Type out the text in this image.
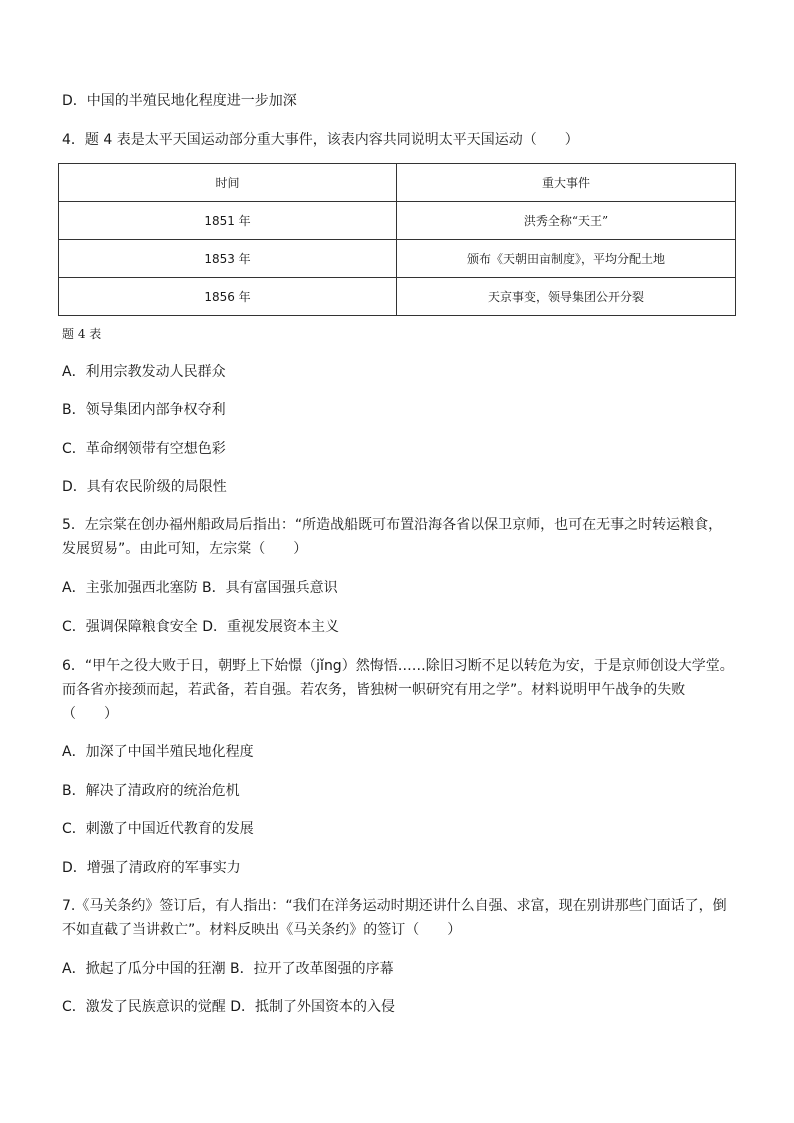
D．中国的半殖民地化程度进一步加深
4．题 4 表是太平天国运动部分重大事件，该表内容共同说明太平天国运动（　　）
时间	重大事件
1851 年	洪秀全称“天王”
1853 年	颁布《天朝田亩制度》，平均分配土地
1856 年	天京事变，领导集团公开分裂
题 4 表
A．利用宗教发动人民群众
B．领导集团内部争权夺利
C．革命纲领带有空想色彩
D．具有农民阶级的局限性
5．左宗棠在创办福州船政局后指出：“所造战船既可布置沿海各省以保卫京师，也可在无事之时转运粮食，
发展贸易”。由此可知，左宗棠（　　）
A．主张加强西北塞防 B．具有富国强兵意识
C．强调保障粮食安全 D．重视发展资本主义
6．“甲午之役大败于日，朝野上下始憬（jǐng）然悔悟……除旧习断不足以转危为安，于是京师创设大学堂。
而各省亦接颈而起，若武备，若自强。若农务，皆独树一帜研究有用之学”。材料说明甲午战争的失败
（　　）
A．加深了中国半殖民地化程度
B．解决了清政府的统治危机
C．刺激了中国近代教育的发展
D．增强了清政府的军事实力
7.《马关条约》签订后，有人指出：“我们在洋务运动时期还讲什么自强、求富，现在别讲那些门面话了，倒
不如直截了当讲救亡”。材料反映出《马关条约》的签订（　　）
A．掀起了瓜分中国的狂潮 B．拉开了改革图强的序幕
C．激发了民族意识的觉醒 D．抵制了外国资本的入侵
